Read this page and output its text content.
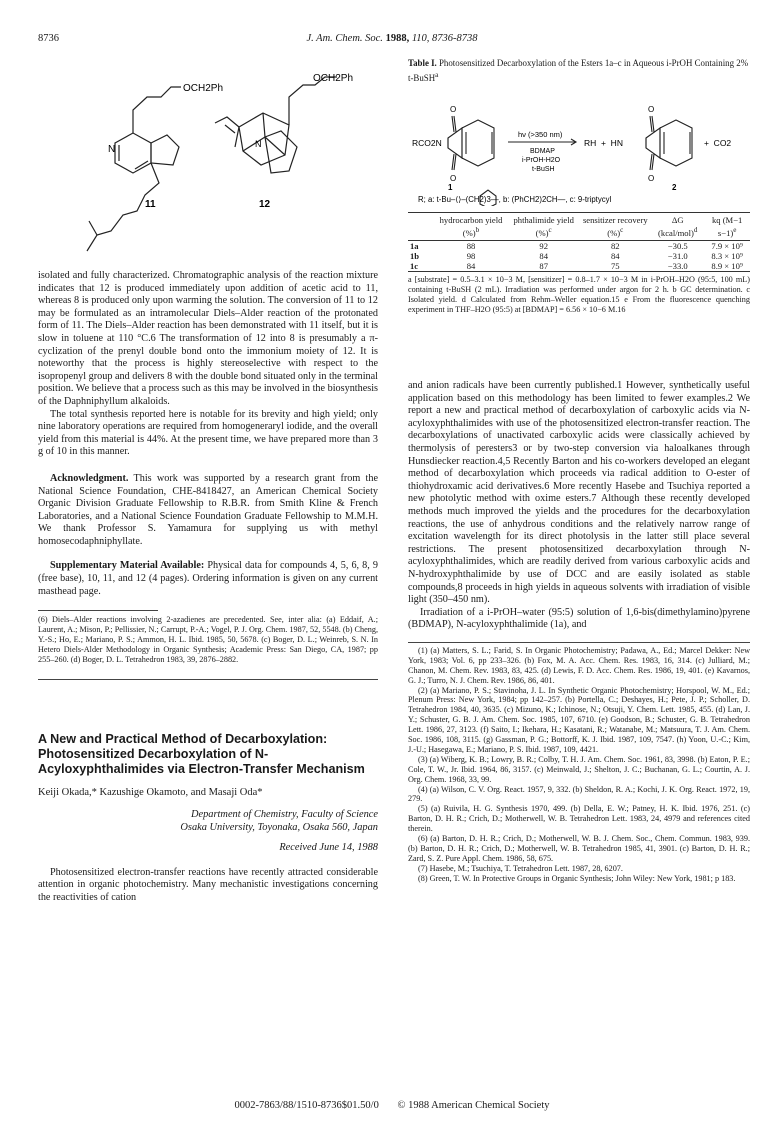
8736	J. Am. Chem. Soc. 1988, 110, 8736-8738
OCH2Ph
N
11
OCH2Ph
N
12

isolated and fully characterized. Chromatographic analysis of the reaction mixture indicates that 12 is produced immediately upon addition of acetic acid to 11, whereas 8 is produced only upon warming the solution. The conversion of 11 to 12 may be formulated as an intramolecular Diels–Alder reaction of the protonated form of 11. The Diels–Alder reaction has been demonstrated with 11 itself, but it is slow in toluene at 110 °C.6 The transformation of 12 into 8 is presumably a π-cyclization of the prenyl double bond onto the immonium moiety of 12. It is noteworthy that the process is highly stereoselective with respect to the isopropenyl group and delivers 8 with the double bond situated only in the terminal position. We believe that a process such as this may be involved in the biosynthesis of the Daphniphyllum alkaloids.

The total synthesis reported here is notable for its brevity and high yield; only nine laboratory operations are required from homogeneraryl iodide, and the overall yield from this material is 44%. At the present time, we have prepared more than 3 g of 10 in this manner.

Acknowledgment. This work was supported by a research grant from the National Science Foundation, CHE-8418427, an American Chemical Society Organic Division Graduate Fellowship to R.B.R. from Smith Kline & French Laboratories, and a National Science Foundation Graduate Fellowship to M.M.H. We thank Professor S. Yamamura for supplying us with methyl homosecodaphniphyllate.

Supplementary Material Available: Physical data for compounds 4, 5, 6, 8, 9 (free base), 10, 11, and 12 (4 pages). Ordering information is given on any current masthead page.

(6) Diels–Alder reactions involving 2-azadienes are precedented. See, inter alia: (a) Eddaif, A.; Laurent, A.; Mison, P.; Pellissier, N.; Carrupt, P.-A.; Vogel, P. J. Org. Chem. 1987, 52, 5548. (b) Cheng, Y.-S.; Ho, E.; Mariano, P. S.; Ammon, H. L. Ibid. 1985, 50, 5678. (c) Boger, D. L.; Weinreb, S. N. In Hetero Diels-Alder Methodology in Organic Synthesis; Academic Press: San Diego, CA, 1987; pp 255–260. (d) Boger, D. L. Tetrahedron 1983, 39, 2876–2882.
A New and Practical Method of Decarboxylation: Photosensitized Decarboxylation of N-Acyloxyphthalimides via Electron-Transfer Mechanism
Keiji Okada,* Kazushige Okamoto, and Masaji Oda*
Department of Chemistry, Faculty of Science
Osaka University, Toyonaka, Osaka 560, Japan
Received June 14, 1988

Photosensitized electron-transfer reactions have recently attracted considerable attention in organic photochemistry. Many mechanistic investigations concerning the reactivities of cation

Table I. Photosensitized Decarboxylation of the Esters 1a–c in Aqueous i-PrOH Containing 2% t-BuSH$^a$
O
O
O
O
RCO2N
hν (>350 nm)
BDMAP
i-PrOH-H2O
t-BuSH
RH  +  HN	+  CO2
1	2
R; a: t-Bu–⟨⟩–(CH2)3—, b: (PhCH2)2CH—, c: 9-triptycyl
	hydrocarbon yield (%)$^b$	phthalimide yield (%)$^c$	sensitizer recovery (%)$^c$	ΔG (kcal/mol)$^d$	kq (M−1 s−1)$^e$
1a	88	92	82	−30.5	7.9 × 10⁹
1b	98	84	84	−31.0	8.3 × 10⁹
1c	84	87	75	−33.0	8.9 × 10⁹
a [substrate] = 0.5–3.1 × 10−3 M, [sensitizer] = 0.8–1.7 × 10−3 M in i-PrOH–H2O (95:5, 100 mL) containing t-BuSH (2 mL). Irradiation was performed under argon for 2 h. b GC determination. c Isolated yield. d Calculated from Rehm–Weller equation.15 e From the fluorescence quenching experiment in THF–H2O (95:5) at [BDMAP] = 6.56 × 10−6 M.16

and anion radicals have been currently published.1 However, synthetically useful application based on this methodology has been limited to fewer examples.2 We report a new and practical method of decarboxylation of carboxylic acids via N-acyloxyphthalimides with use of the photosensitized electron-transfer reaction. The decarboxylations of unactivated carboxylic acids were classically achieved by thermolysis of peresters3 or by two-step conversion via haloalkanes through Hunsdiecker reaction.4,5 Recently Barton and his co-workers developed an elegant method of decarboxylation which proceeds via radical addition to O-ester of thiohydroxamic acid derivatives.6 More recently Hasebe and Tsuchiya reported a new photolytic method with oxime esters.7 Although these recently developed methods much improved the yields and the procedures for the decarboxylation reactions, the use of anhydrous conditions and the relatively narrow range of excitation wavelength for its direct photolysis in the latter still place several restrictions. The present photosensitized decarboxylation through N-acyloxyphthalimides, which are readily derived from various carboxylic acids and N-hydroxyphthalimide by use of DCC and are easily isolated as stable compounds,8 proceeds in high yields in aqueous solvents with irradiation of visible light (350–450 nm).

Irradiation of a i-PrOH–water (95:5) solution of 1,6-bis(dimethylamino)pyrene (BDMAP), N-acyloxyphthalimide (1a), and

(1) (a) Matters, S. L.; Farid, S. In Organic Photochemistry; Padawa, A., Ed.; Marcel Dekker: New York, 1983; Vol. 6, pp 233–326. (b) Fox, M. A. Acc. Chem. Res. 1983, 16, 314. (c) Julliard, M.; Chanon, M. Chem. Rev. 1983, 83, 425. (d) Lewis, F. D. Acc. Chem. Res. 1986, 19, 401. (e) Kavarnos, G. J.; Turro, N. J. Chem. Rev. 1986, 86, 401.
(2) (a) Mariano, P. S.; Stavinoha, J. L. In Synthetic Organic Photochemistry; Horspool, W. M., Ed.; Plenum Press: New York, 1984; pp 142–257. (b) Portella, C.; Deshayes, H.; Pete, J. P.; Scholler, D. Tetrahedron 1984, 40, 3635. (c) Mizuno, K.; Ichinose, N.; Otsuji, Y. Chem. Lett. 1985, 455. (d) Lan, J. Y.; Schuster, G. B. J. Am. Chem. Soc. 1985, 107, 6710. (e) Goodson, B.; Schuster, G. B. Tetrahedron Lett. 1986, 27, 3123. (f) Saito, I.; Ikehara, H.; Kasatani, R.; Watanabe, M.; Matsuura, T. J. Am. Chem. Soc. 1986, 108, 3115. (g) Gassman, P. G.; Bottorff, K. J. Ibid. 1987, 109, 7547. (h) Yoon, U.-C.; Kim, J.-U.; Hasegawa, E.; Mariano, P. S. Ibid. 1987, 109, 4421.
(3) (a) Wiberg, K. B.; Lowry, B. R.; Colby, T. H. J. Am. Chem. Soc. 1961, 83, 3998. (b) Eaton, P. E.; Cole, T. W., Jr. Ibid. 1964, 86, 3157. (c) Meinwald, J.; Shelton, J. C.; Buchanan, G. L.; Courtin, A. J. Org. Chem. 1968, 33, 99.
(4) (a) Wilson, C. V. Org. React. 1957, 9, 332. (b) Sheldon, R. A.; Kochi, J. K. Org. React. 1972, 19, 279.
(5) (a) Ruivila, H. G. Synthesis 1970, 499. (b) Della, E. W.; Patney, H. K. Ibid. 1976, 251. (c) Barton, D. H. R.; Crich, D.; Motherwell, W. B. Tetrahedron Lett. 1983, 24, 4979 and references cited therein.
(6) (a) Barton, D. H. R.; Crich, D.; Motherwell, W. B. J. Chem. Soc., Chem. Commun. 1983, 939. (b) Barton, D. H. R.; Crich, D.; Motherwell, W. B. Tetrahedron 1985, 41, 3901. (c) Barton, D. H. R.; Zard, S. Z. Pure Appl. Chem. 1986, 58, 675.
(7) Hasebe, M.; Tsuchiya, T. Tetrahedron Lett. 1987, 28, 6207.
(8) Green, T. W. In Protective Groups in Organic Synthesis; John Wiley: New York, 1981; p 183.
0002-7863/88/1510-8736$01.50/0 © 1988 American Chemical Society
